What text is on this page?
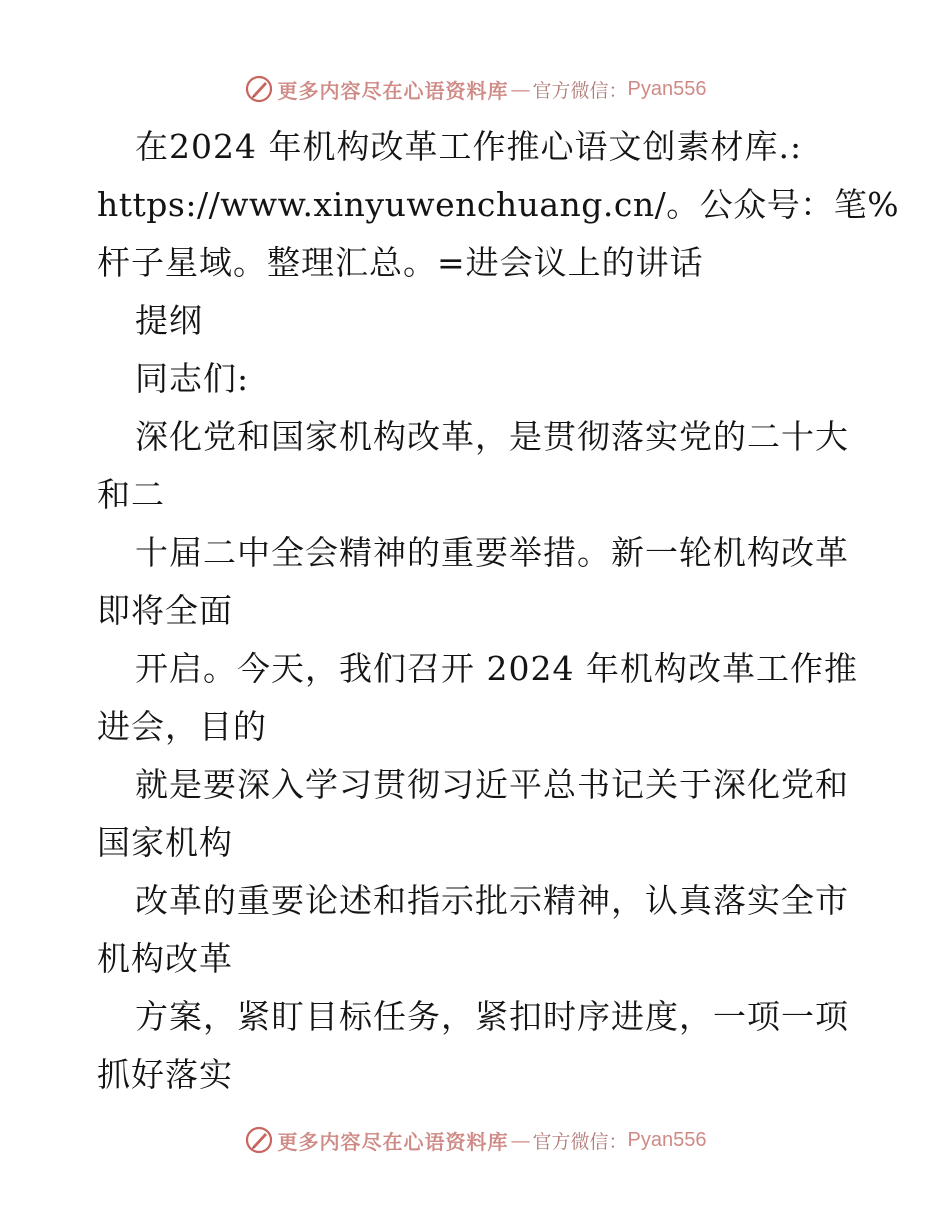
更多内容尽在心语资料库 — 官方微信： Pyan556
在2024 年机构改革工作推心语文创素材库.:
https://www.xinyuwenchuang.cn/。公众号：笔%
杆子星域。整理汇总。=进会议上的讲话
提纲
同志们:
深化党和国家机构改革，是贯彻落实党的二十大
和二
十届二中全会精神的重要举措。新一轮机构改革
即将全面
开启。今天，我们召开 2024 年机构改革工作推
进会，目的
就是要深入学习贯彻习近平总书记关于深化党和
国家机构
改革的重要论述和指示批示精神，认真落实全市
机构改革
方案，紧盯目标任务，紧扣时序进度，一项一项
抓好落实
更多内容尽在心语资料库 — 官方微信： Pyan556
